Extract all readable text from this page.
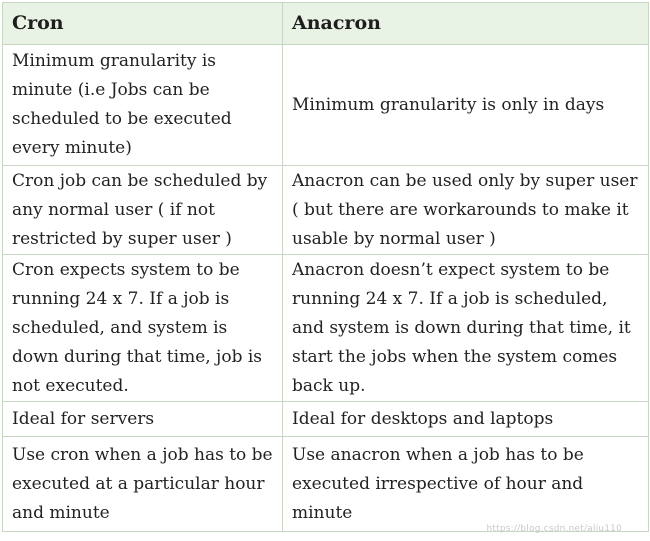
Cron	Anacron
Minimum granularity is minute (i.e Jobs can be scheduled to be executed every minute)	Minimum granularity is only in days
Cron job can be scheduled by any normal user ( if not restricted by super user )	Anacron can be used only by super user ( but there are workarounds to make it usable by normal user )
Cron expects system to be running 24 x 7. If a job is scheduled, and system is down during that time, job is not executed.	Anacron doesn’t expect system to be running 24 x 7. If a job is scheduled, and system is down during that time, it start the jobs when the system comes back up.
Ideal for servers	Ideal for desktops and laptops
Use cron when a job has to be executed at a particular hour and minute	Use anacron when a job has to be executed irrespective of hour and minute
https://blog.csdn.net/aliu110
